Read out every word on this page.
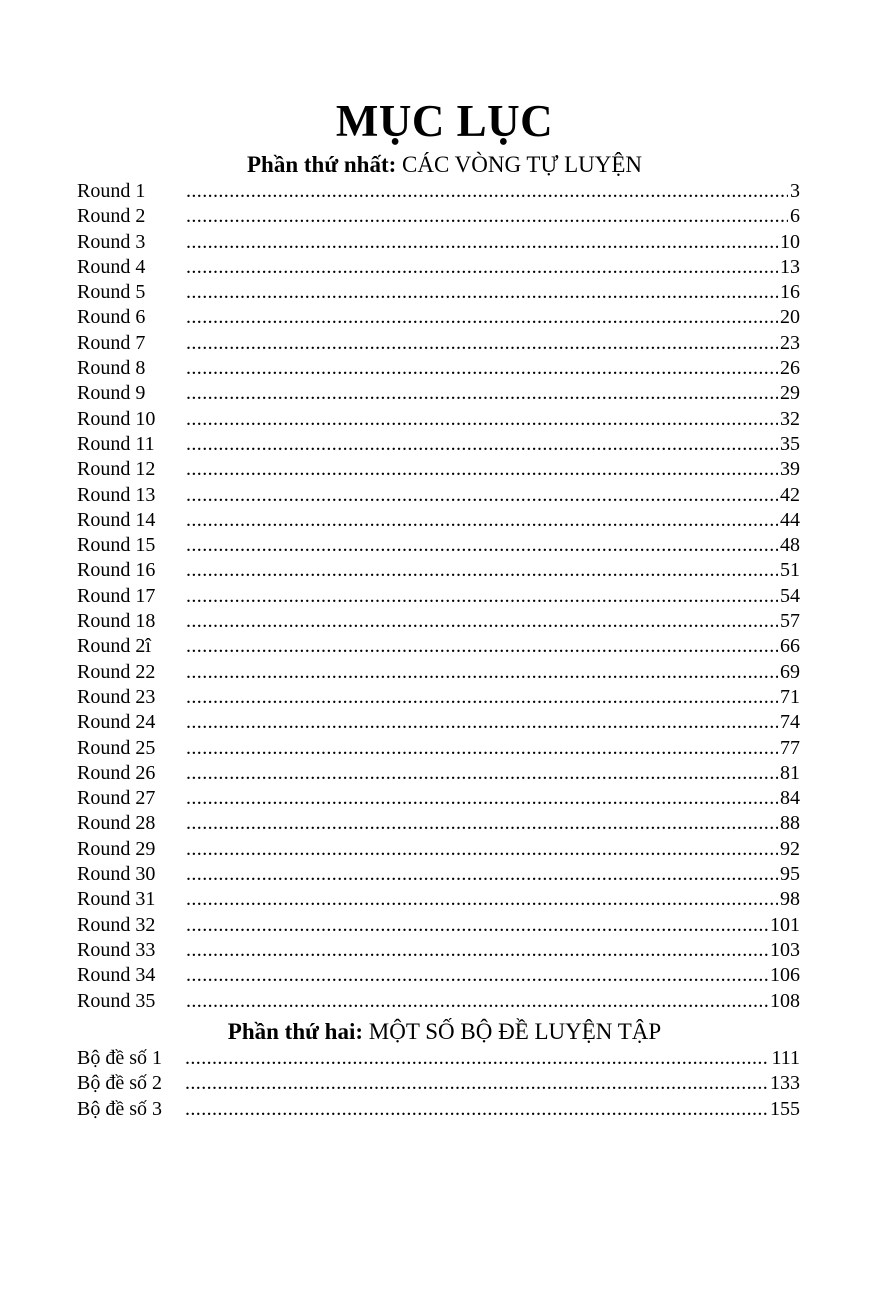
MỤC LỤC
Phần thứ nhất: CÁC VÒNG TỰ LUYỆN
Round 1 .....	3
Round 2 .....	6
Round 3 .....	10
Round 4 .....	13
Round 5 .....	16
Round 6 .....	20
Round 7 .....	23
Round 8 .....	26
Round 9 .....	29
Round 10 .....	32
Round 11 .....	35
Round 12 .....	39
Round 13 .....	42
Round 14 .....	44
Round 15 .....	48
Round 16 .....	51
Round 17 .....	54
Round 18 .....	57
Round 2î .....	66
Round 22 .....	69
Round 23 .....	71
Round 24 .....	74
Round 25 .....	77
Round 26 .....	81
Round 27 .....	84
Round 28 .....	88
Round 29 .....	92
Round 30 .....	95
Round 31 .....	98
Round 32 .....	101
Round 33 .....	103
Round 34 .....	106
Round 35 .....	108
Phần thứ hai: MỘT SỐ BỘ ĐỀ LUYỆN TẬP
Bộ đề số 1 .....	111
Bộ đề số 2 .....	133
Bộ đề số 3 .....	155
